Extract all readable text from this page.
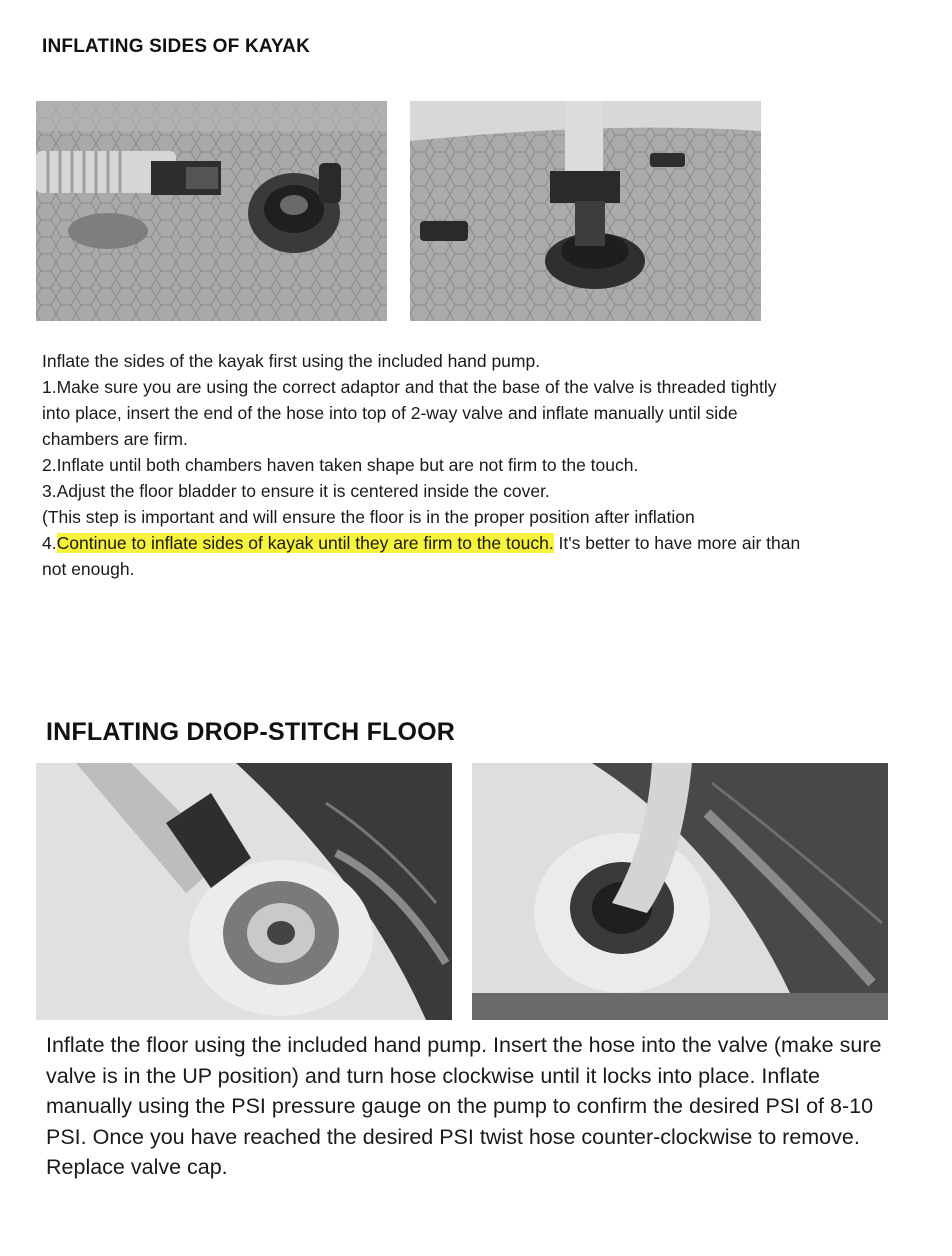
INFLATING SIDES OF KAYAK

Inflate the sides of the kayak first using the included hand pump.

1.Make sure you are using the correct adaptor and that the base of the valve is threaded tightly into place, insert the end of the hose into top of 2-way valve and inflate manually until side chambers are firm.

2.Inflate until both chambers haven taken shape but are not firm to the touch.

3.Adjust the floor bladder to ensure it is centered inside the cover.

(This step is important and will ensure the floor is in the proper position after inflation

4.Continue to inflate sides of kayak until they are firm to the touch. It's better to have more air than not enough.

INFLATING DROP-STITCH FLOOR

Inflate the floor using the included hand pump. Insert the hose into the valve (make sure valve is in the UP position) and turn hose clockwise until it locks into place. Inflate manually using the PSI pressure gauge on the pump to confirm the desired PSI of 8-10 PSI. Once you have reached the desired PSI twist hose counter-clockwise to remove. Replace valve cap.
